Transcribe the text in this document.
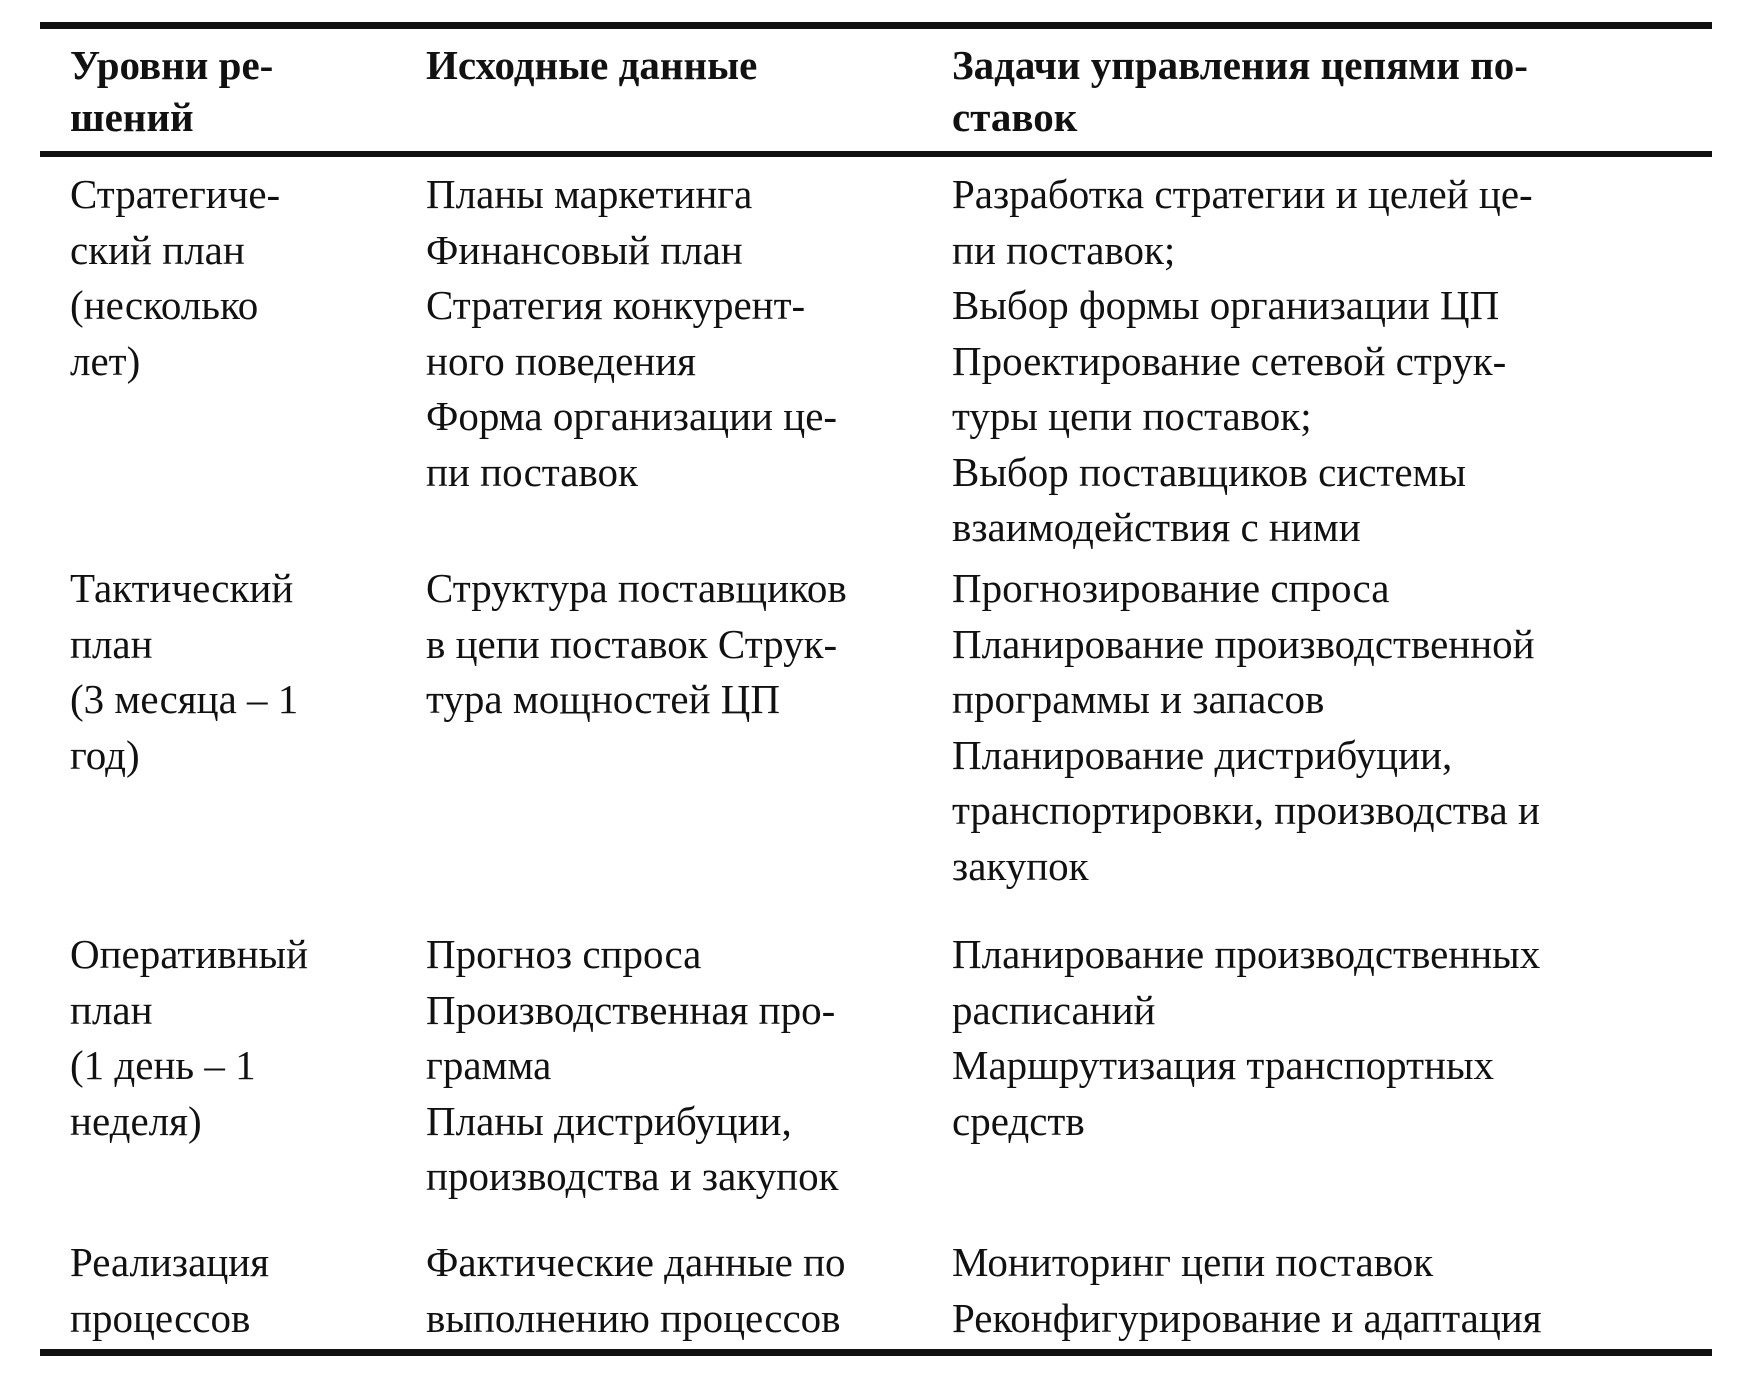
Уровни ре-
шений
Исходные данные	Задачи управления цепями по-
ставок
Стратегиче-
ский план
(несколько
лет)
Планы маркетинга
Финансовый план
Стратегия конкурент-
ного поведения
Форма организации це-
пи поставок
Разработка стратегии и целей це-
пи поставок;
Выбор формы организации ЦП
Проектирование сетевой струк-
туры цепи поставок;
Выбор поставщиков системы
взаимодействия с ними
Тактический
план
(3 месяца – 1
год)
Структура поставщиков
в цепи поставок Струк-
тура мощностей ЦП
Прогнозирование спроса
Планирование производственной
программы и запасов
Планирование дистрибуции,
транспортировки, производства и
закупок
Оперативный
план
(1 день – 1
неделя)
Прогноз спроса
Производственная про-
грамма
Планы дистрибуции,
производства и закупок
Планирование производственных
расписаний
Маршрутизация транспортных
средств
Реализация
процессов
Фактические данные по
выполнению процессов
Мониторинг цепи поставок
Реконфигурирование и адаптация
